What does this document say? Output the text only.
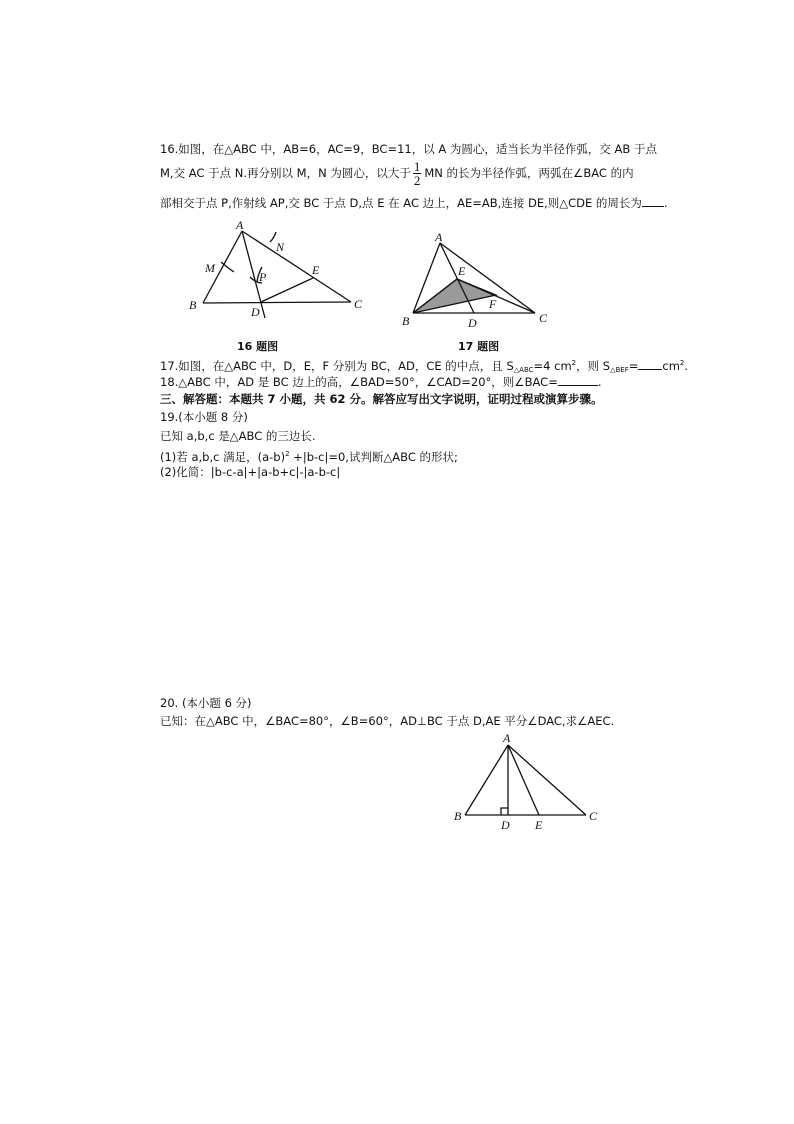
16.如图，在△ABC 中，AB=6，AC=9，BC=11，以 A 为圆心，适当长为半径作弧，交 AB 于点
M,交 AC 于点 N.再分别以 M，N 为圆心，以大于 $\frac{1}{2}$ MN 的长为半径作弧，两弧在∠BAC 的内
部相交于点 P,作射线 AP,交 BC 于点 D,点 E 在 AC 边上，AE=AB,连接 DE,则△CDE 的周长为 .
A
B	C
D
E
M
N
P
16 题图
A
B	C
D
E
F
17 题图
17.如图，在△ABC 中，D，E，F 分别为 BC，AD，CE 的中点，且 $S_{\triangle ABC}=4$ $cm^2$，则 $S_{\triangle BEF}= cm^2$.
18.△ABC 中，AD 是 BC 边上的高，∠BAD=50°，∠CAD=20°，则∠BAC=	.
三、解答题：本题共 7 小题，共 62 分。解答应写出文字说明，证明过程或演算步骤。
19.(本小题 8 分)
已知 a,b,c 是△ABC 的三边长.
(1)若 a,b,c 满足，$(a-b)^2 +|b-c|=0$,试判断△ABC 的形状;
(2)化简：|b-c-a|+|a-b+c|-|a-b-c|
20. (本小题 6 分)
已知：在△ABC 中，∠BAC=80°，∠B=60°，AD⊥BC 于点 D,AE 平分∠DAC,求∠AEC.
A
B	C
D E
